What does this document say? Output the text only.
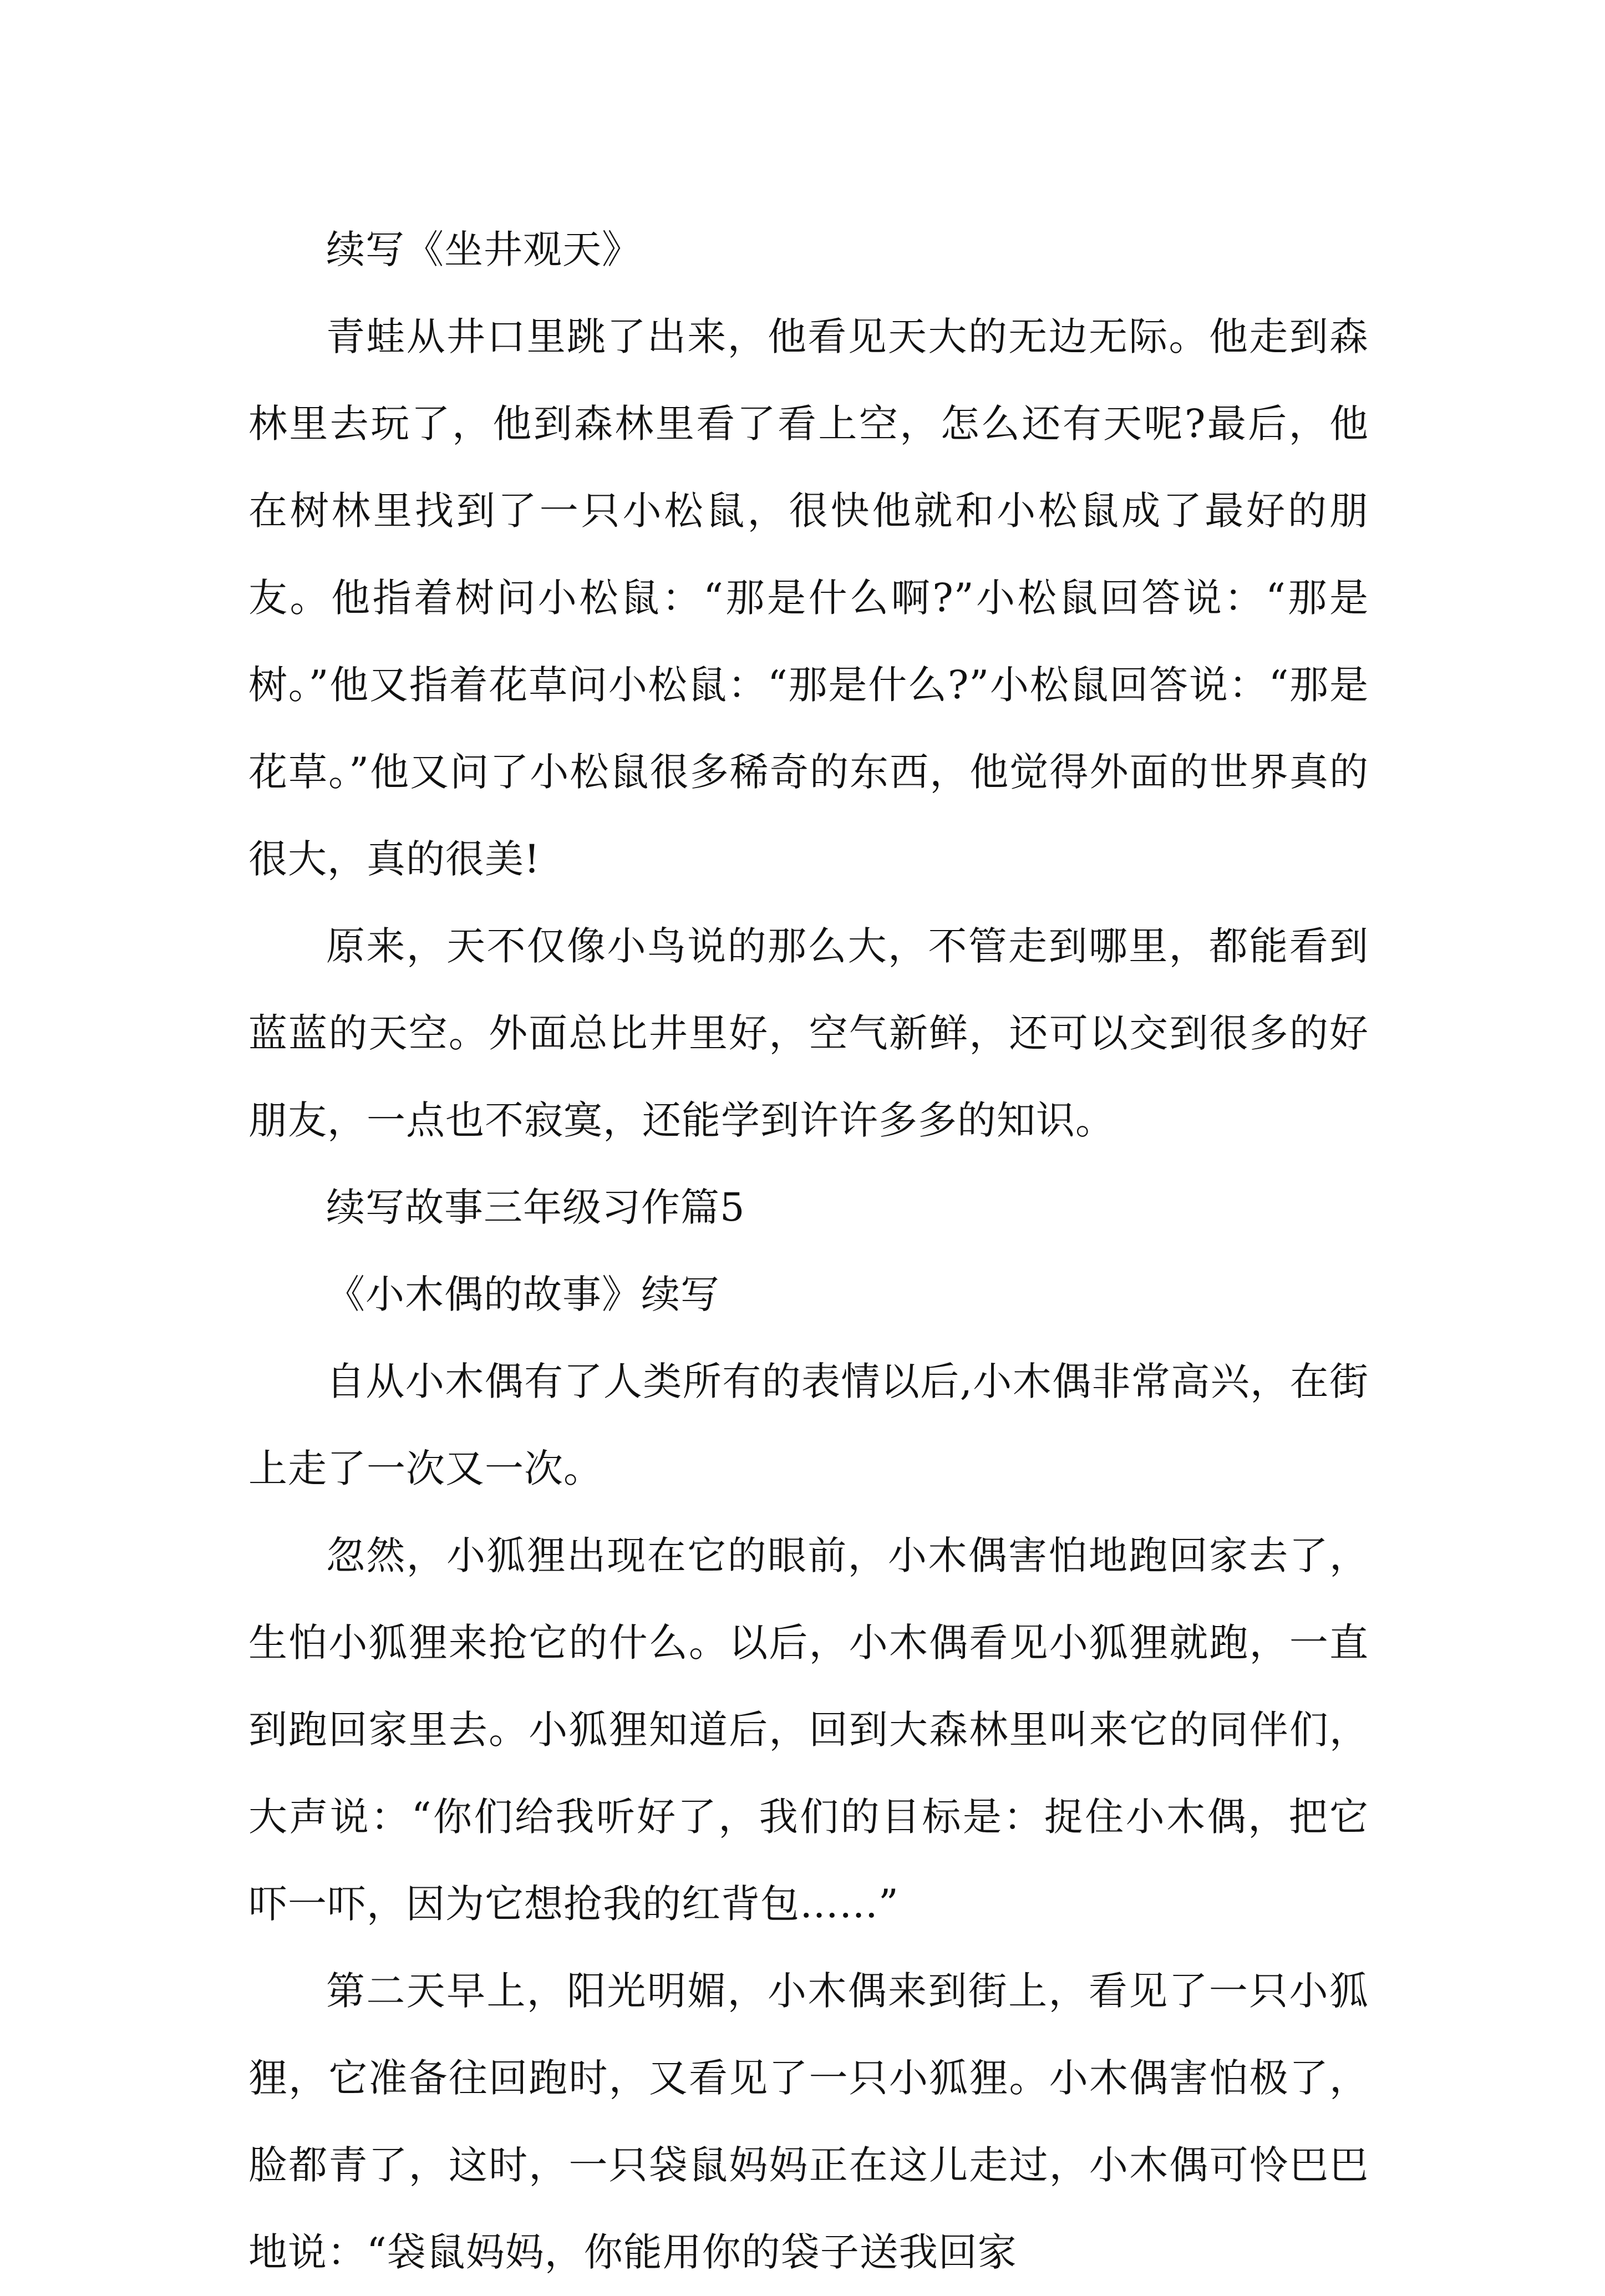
续写《坐井观天》

青蛙从井口里跳了出来，他看见天大的无边无际。他走到森林里去玩了，他到森林里看了看上空，怎么还有天呢?最后，他在树林里找到了一只小松鼠，很快他就和小松鼠成了最好的朋友。他指着树问小松鼠：“那是什么啊?”小松鼠回答说：“那是树。”他又指着花草问小松鼠：“那是什么?”小松鼠回答说：“那是花草。”他又问了小松鼠很多稀奇的东西，他觉得外面的世界真的很大，真的很美!

原来，天不仅像小鸟说的那么大，不管走到哪里，都能看到蓝蓝的天空。外面总比井里好，空气新鲜，还可以交到很多的好朋友，一点也不寂寞，还能学到许许多多的知识。

续写故事三年级习作篇5

《小木偶的故事》续写

自从小木偶有了人类所有的表情以后,小木偶非常高兴，在街上走了一次又一次。

忽然，小狐狸出现在它的眼前，小木偶害怕地跑回家去了，生怕小狐狸来抢它的什么。以后，小木偶看见小狐狸就跑，一直到跑回家里去。小狐狸知道后，回到大森林里叫来它的同伴们，大声说：“你们给我听好了，我们的目标是：捉住小木偶，把它吓一吓，因为它想抢我的红背包……”

第二天早上，阳光明媚，小木偶来到街上，看见了一只小狐狸，它准备往回跑时，又看见了一只小狐狸。小木偶害怕极了，脸都青了，这时，一只袋鼠妈妈正在这儿走过，小木偶可怜巴巴地说：“袋鼠妈妈，你能用你的袋子送我回家
